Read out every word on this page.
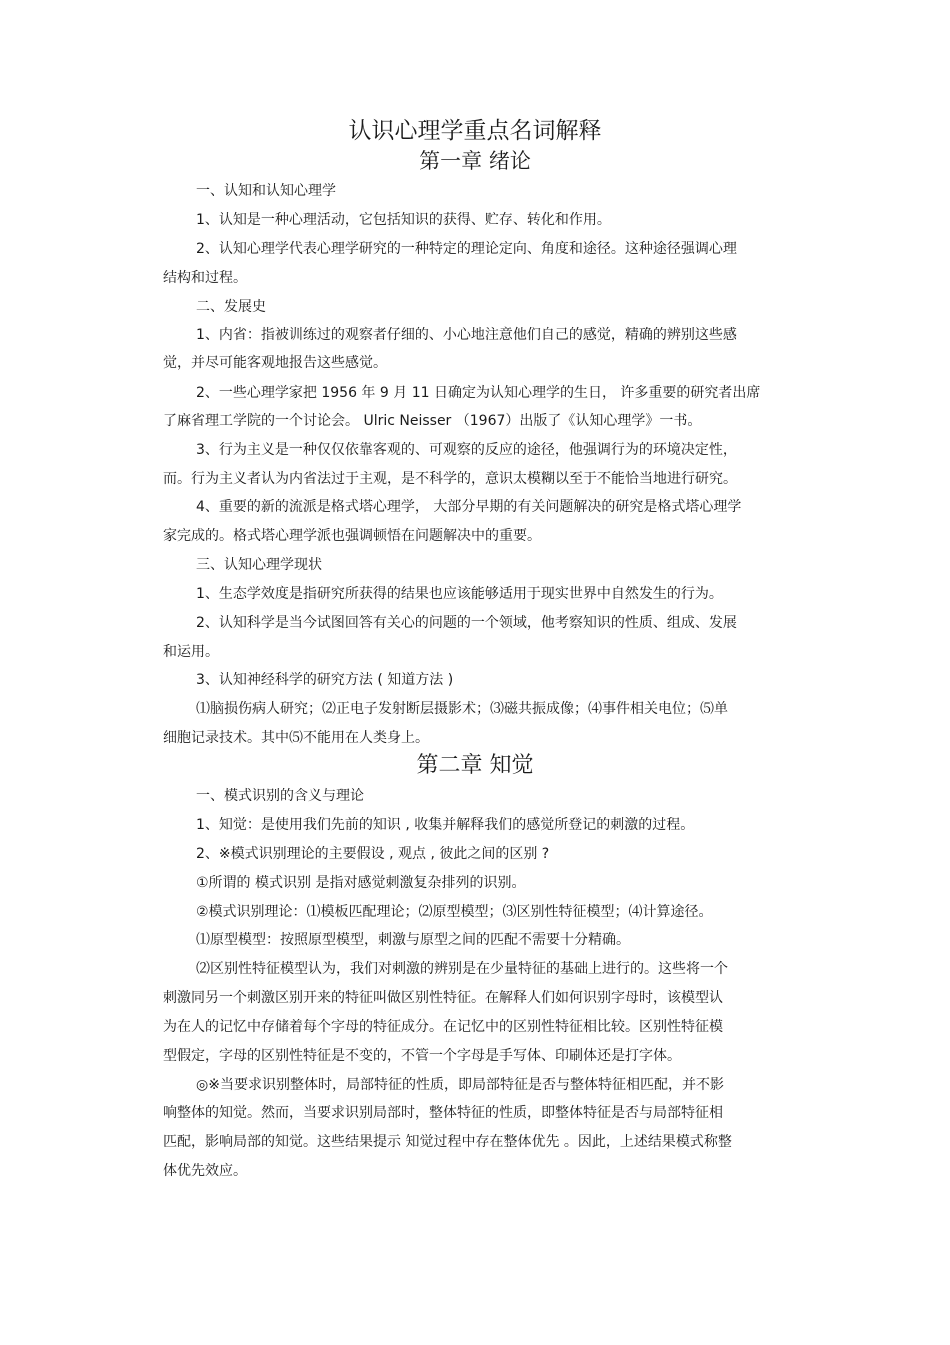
认识心理学重点名词解释
第一章 绪论
一、认知和认知心理学
1、认知是一种心理活动，它包括知识的获得、贮存、转化和作用。
2、认知心理学代表心理学研究的一种特定的理论定向、角度和途径。这种途径强调心理
结构和过程。
二、发展史
1、内省：指被训练过的观察者仔细的、小心地注意他们自己的感觉，精确的辨别这些感
觉，并尽可能客观地报告这些感觉。
2、一些心理学家把 1956 年 9 月 11 日确定为认知心理学的生日， 许多重要的研究者出席
了麻省理工学院的一个讨论会。 Ulric Neisser （1967）出版了《认知心理学》一书。
3、行为主义是一种仅仅依靠客观的、可观察的反应的途径，他强调行为的环境决定性，
而。行为主义者认为内省法过于主观，是不科学的，意识太模糊以至于不能恰当地进行研究。
4、重要的新的流派是格式塔心理学， 大部分早期的有关问题解决的研究是格式塔心理学
家完成的。格式塔心理学派也强调顿悟在问题解决中的重要。
三、认知心理学现状
1、生态学效度是指研究所获得的结果也应该能够适用于现实世界中自然发生的行为。
2、认知科学是当今试图回答有关心的问题的一个领域，他考察知识的性质、组成、发展
和运用。
3、认知神经科学的研究方法 ( 知道方法 )
⑴脑损伤病人研究；⑵正电子发射断层摄影术；⑶磁共振成像；⑷事件相关电位；⑸单
细胞记录技术。其中⑸不能用在人类身上。
第二章 知觉
一、模式识别的含义与理论
1、知觉：是使用我们先前的知识 , 收集并解释我们的感觉所登记的刺激的过程。
2、※模式识别理论的主要假设 , 观点 , 彼此之间的区别 ?
①所谓的 模式识别 是指对感觉刺激复杂排列的识别。
②模式识别理论：⑴模板匹配理论；⑵原型模型；⑶区别性特征模型；⑷计算途径。
⑴原型模型：按照原型模型，刺激与原型之间的匹配不需要十分精确。
⑵区别性特征模型认为，我们对刺激的辨别是在少量特征的基础上进行的。这些将一个
刺激同另一个刺激区别开来的特征叫做区别性特征。在解释人们如何识别字母时，该模型认
为在人的记忆中存储着每个字母的特征成分。在记忆中的区别性特征相比较。区别性特征模
型假定，字母的区别性特征是不变的，不管一个字母是手写体、印刷体还是打字体。
◎※当要求识别整体时，局部特征的性质，即局部特征是否与整体特征相匹配，并不影
响整体的知觉。然而，当要求识别局部时，整体特征的性质，即整体特征是否与局部特征相
匹配，影响局部的知觉。这些结果提示 知觉过程中存在整体优先 。因此，上述结果模式称整
体优先效应。
